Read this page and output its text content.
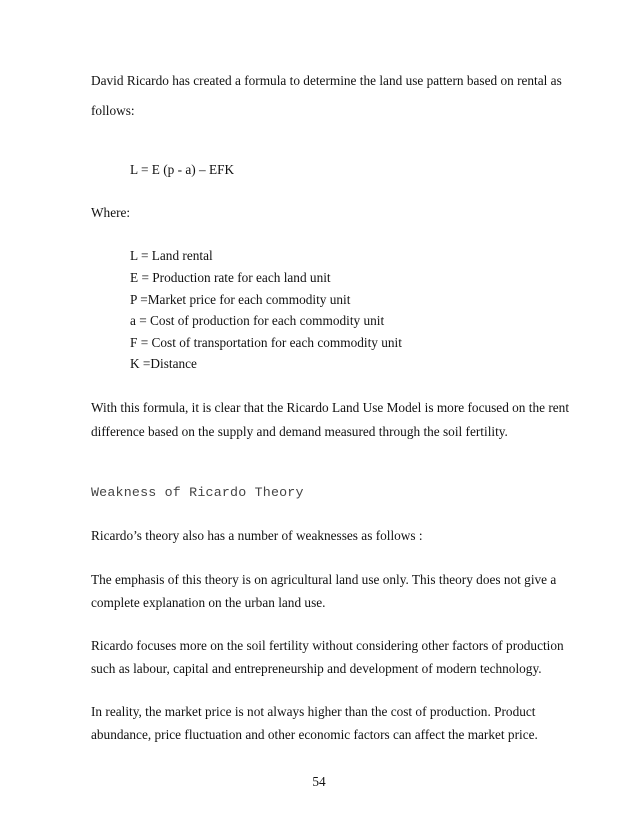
David Ricardo has created a formula to determine the land use pattern based on rental as
follows:
L = E (p - a) – EFK
Where:
L = Land rental
E = Production rate for each land unit
P =Market price for each commodity unit
a = Cost of production for each commodity unit
F = Cost of transportation for each commodity unit
K =Distance
With this formula, it is clear that the Ricardo Land Use Model is more focused on the rent
difference based on the supply and demand measured through the soil fertility.
Weakness of Ricardo Theory
Ricardo’s theory also has a number of weaknesses as follows :
The emphasis of this theory is on agricultural land use only. This theory does not give a
complete explanation on the urban land use.
Ricardo focuses more on the soil fertility without considering other factors of production
such as labour, capital and entrepreneurship and development of modern technology.
In reality, the market price is not always higher than the cost of production. Product
abundance, price fluctuation and other economic factors can affect the market price.
54
